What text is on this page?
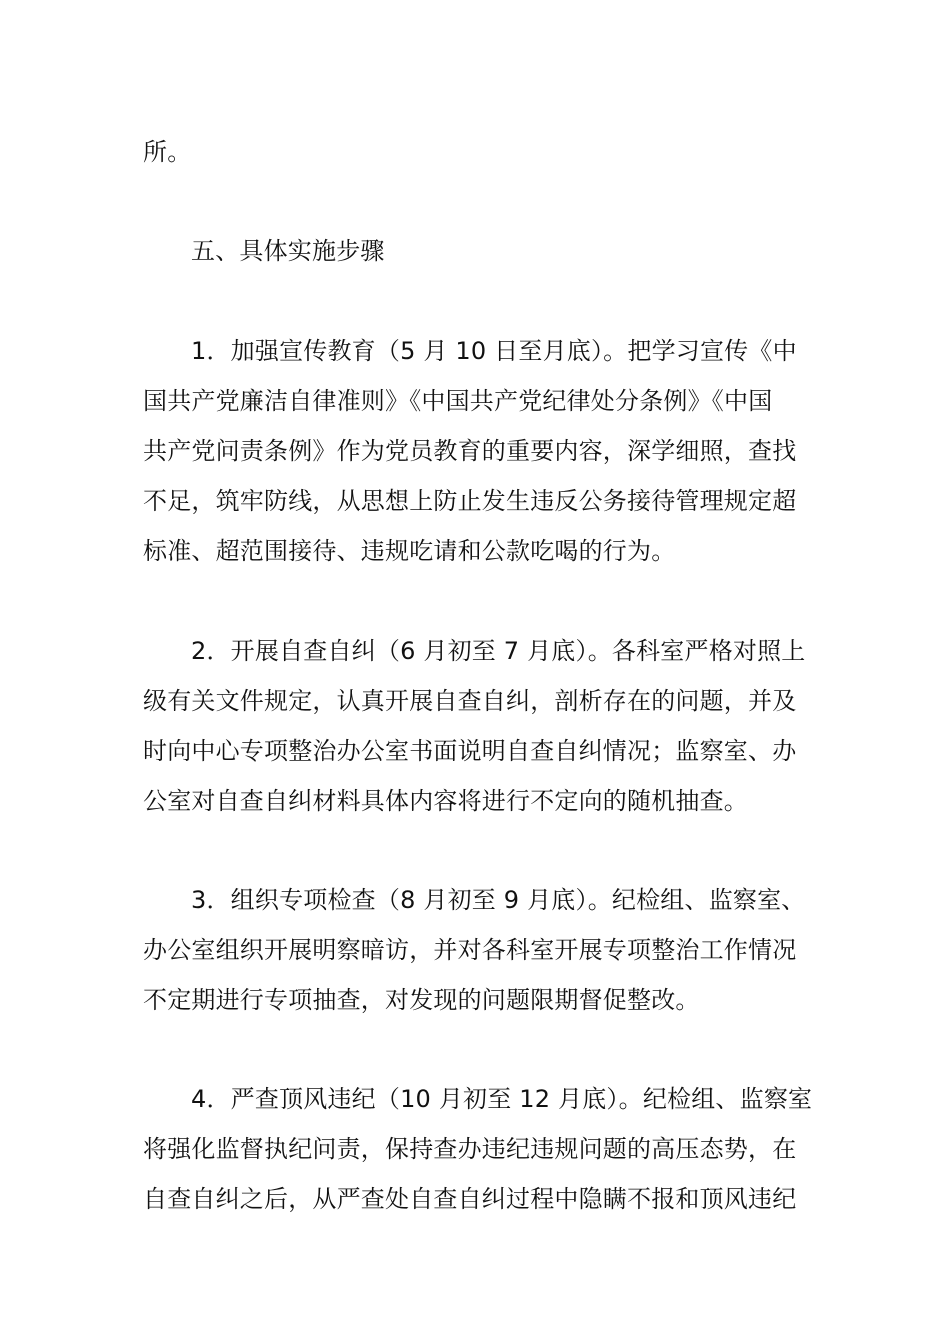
所。
五、具体实施步骤
1．加强宣传教育（5 月 10 日至月底）。把学习宣传《中
国共产党廉洁自律准则》《中国共产党纪律处分条例》《中国
共产党问责条例》作为党员教育的重要内容，深学细照，查找
不足，筑牢防线，从思想上防止发生违反公务接待管理规定超
标准、超范围接待、违规吃请和公款吃喝的行为。
2．开展自查自纠（6 月初至 7 月底）。各科室严格对照上
级有关文件规定，认真开展自查自纠，剖析存在的问题，并及
时向中心专项整治办公室书面说明自查自纠情况；监察室、办
公室对自查自纠材料具体内容将进行不定向的随机抽查。
3．组织专项检查（8 月初至 9 月底）。纪检组、监察室、
办公室组织开展明察暗访，并对各科室开展专项整治工作情况
不定期进行专项抽查，对发现的问题限期督促整改。
4．严查顶风违纪（10 月初至 12 月底）。纪检组、监察室
将强化监督执纪问责，保持查办违纪违规问题的高压态势，在
自查自纠之后，从严查处自查自纠过程中隐瞒不报和顶风违纪
